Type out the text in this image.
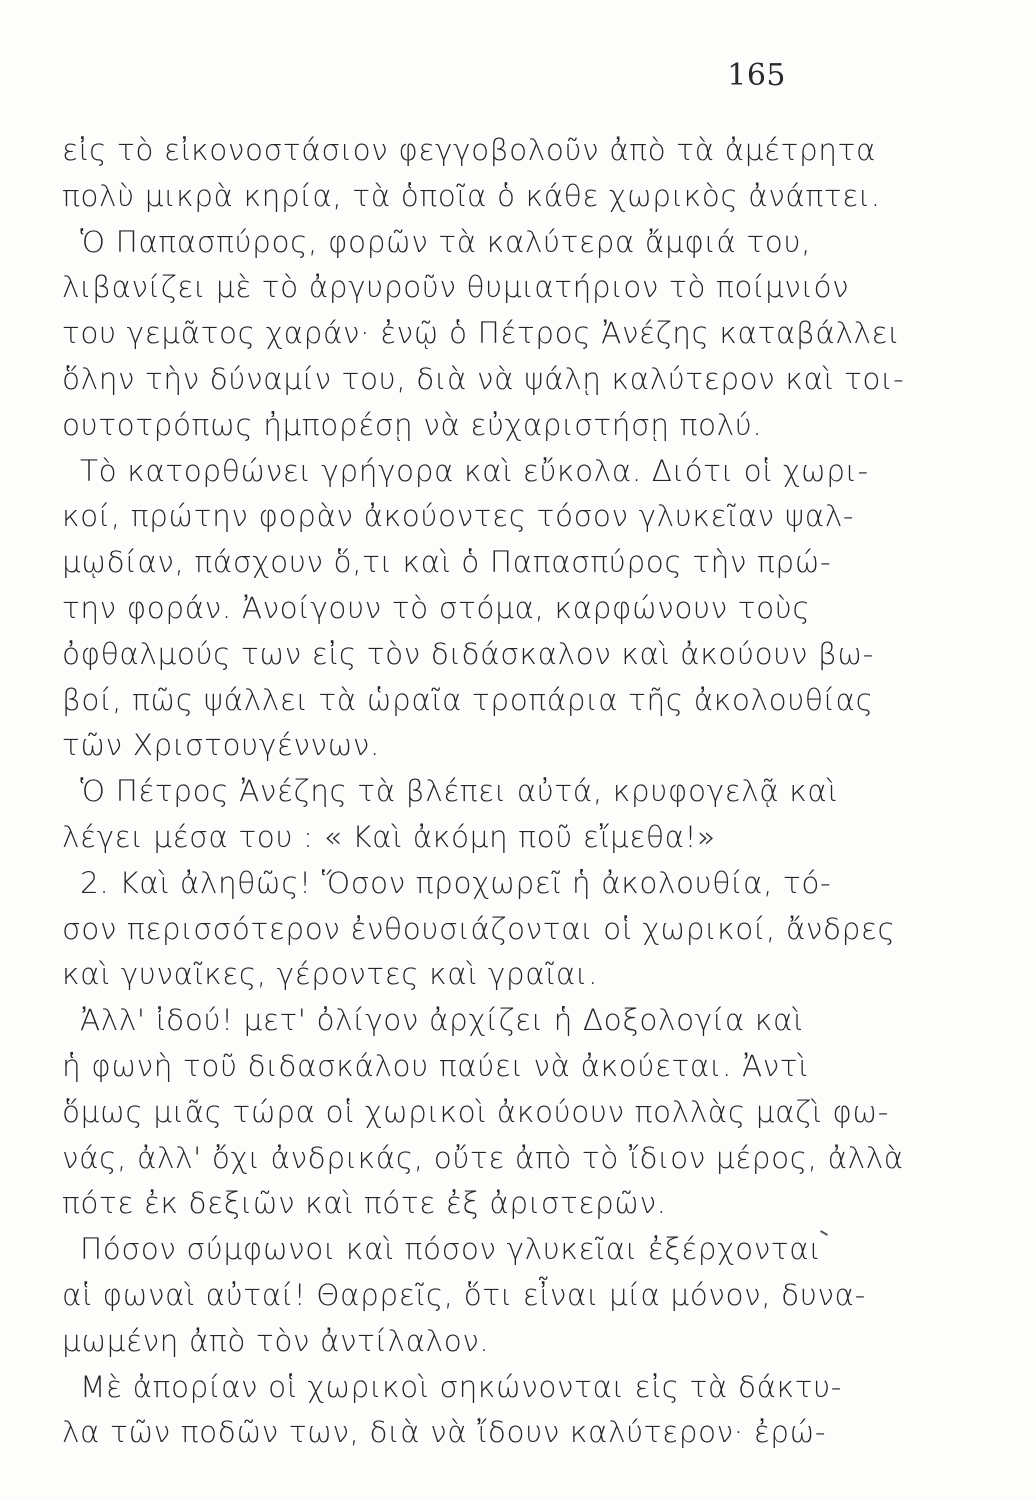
165
εἰς τὸ εἰκονοστάσιον φεγγοβολοῦν ἀπὸ τὰ ἀμέτρητα
πολὺ μικρὰ κηρία, τὰ ὁποῖα ὁ κάθε χωρικὸς ἀνάπτει.
Ὁ Παπασπύρος, φορῶν τὰ καλύτερα ἄμφιά του,
λιβανίζει μὲ τὸ ἀργυροῦν θυμιατήριον τὸ ποίμνιόν
του γεμᾶτος χαράν· ἐνῷ ὁ Πέτρος Ἀνέζης καταβάλλει
ὅλην τὴν δύναμίν του, διὰ νὰ ψάλῃ καλύτερον καὶ τοι-
ουτοτρόπως ἠμπορέσῃ νὰ εὐχαριστήσῃ πολύ.
Τὸ κατορθώνει γρήγορα καὶ εὔκολα. Διότι οἱ χωρι-
κοί, πρώτην φορὰν ἀκούοντες τόσον γλυκεῖαν ψαλ-
μῳδίαν, πάσχουν ὅ,τι καὶ ὁ Παπασπύρος τὴν πρώ-
την φοράν. Ἀνοίγουν τὸ στόμα, καρφώνουν τοὺς
ὀφθαλμούς των εἰς τὸν διδάσκαλον καὶ ἀκούουν βω-
βοί, πῶς ψάλλει τὰ ὡραῖα τροπάρια τῆς ἀκολουθίας
τῶν Χριστουγέννων.
Ὁ Πέτρος Ἀνέζης τὰ βλέπει αὐτά, κρυφογελᾷ καὶ
λέγει μέσα του : « Καὶ ἀκόμη ποῦ εἴμεθα!»
2. Καὶ ἀληθῶς! Ὅσον προχωρεῖ ἡ ἀκολουθία, τό-
σον περισσότερον ἐνθουσιάζονται οἱ χωρικοί, ἄνδρες
καὶ γυναῖκες, γέροντες καὶ γραῖαι.
Ἀλλ' ἰδού! μετ' ὀλίγον ἀρχίζει ἡ Δοξολογία καὶ
ἡ φωνὴ τοῦ διδασκάλου παύει νὰ ἀκούεται. Ἀντὶ
ὅμως μιᾶς τώρα οἱ χωρικοὶ ἀκούουν πολλὰς μαζὶ φω-
νάς, ἀλλ' ὄχι ἀνδρικάς, οὔτε ἀπὸ τὸ ἴδιον μέρος, ἀλλὰ
πότε ἐκ δεξιῶν καὶ πότε ἐξ ἀριστερῶν.
Πόσον σύμφωνοι καὶ πόσον γλυκεῖαι ἐξέρχονται
αἱ φωναὶ αὐταί! Θαρρεῖς, ὅτι εἶναι μία μόνον, δυνα-
μωμένη ἀπὸ τὸν ἀντίλαλον.
Μὲ ἀπορίαν οἱ χωρικοὶ σηκώνονται εἰς τὰ δάκτυ-
λα τῶν ποδῶν των, διὰ νὰ ἴδουν καλύτερον· ἐρώ-
